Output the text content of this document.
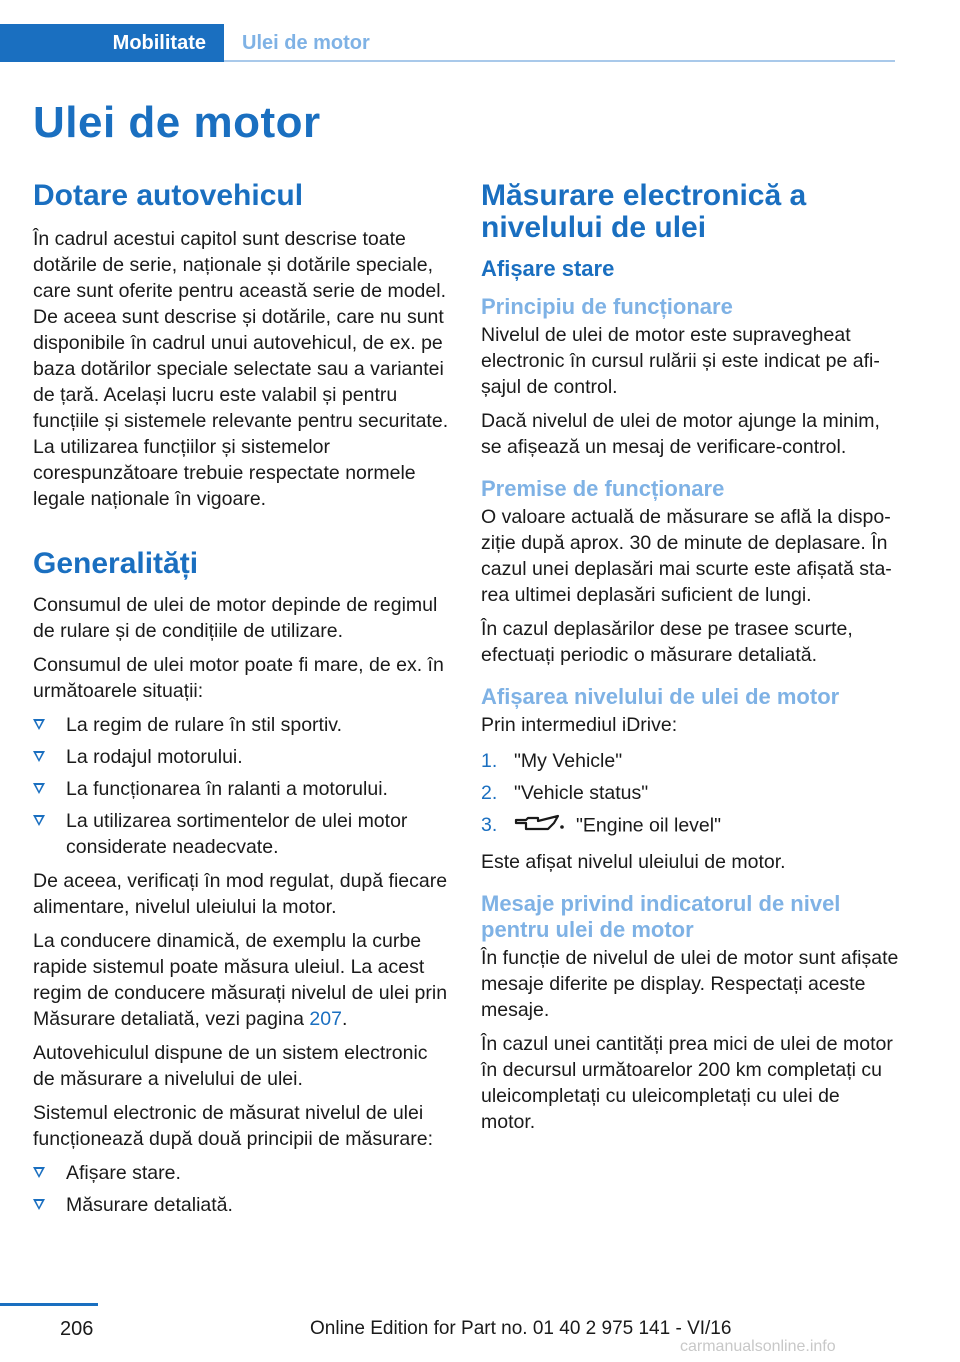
Mobilitate	Ulei de motor
Ulei de motor
Dotare autovehicul

În cadrul acestui capitol sunt descrise toate dotările de serie, naționale și dotările speciale, care sunt oferite pentru această serie de model. De aceea sunt descrise și dotările, care nu sunt disponibile în cadrul unui autovehicul, de ex. pe baza dotărilor speciale selectate sau a variantei de țară. Același lucru este valabil și pentru funcțiile și sistemele relevante pentru securitate. La utilizarea funcțiilor și sistemelor corespunzătoare trebuie respectate normele legale naționale în vigoare.

Generalități

Consumul de ulei de motor depinde de regimul de rulare și de condițiile de utilizare.

Consumul de ulei motor poate fi mare, de ex. în următoarele situații:

La regim de rulare în stil sportiv.
La rodajul motorului.
La funcționarea în ralanti a motorului.
La utilizarea sortimentelor de ulei motor considerate neadecvate.

De aceea, verificați în mod regulat, după fiecare alimentare, nivelul uleiului la motor.

La conducere dinamică, de exemplu la curbe rapide sistemul poate măsura uleiul. La acest regim de conducere măsurați nivelul de ulei prin Măsurare detaliată, vezi pagina 207.

Autovehiculul dispune de un sistem electronic de măsurare a nivelului de ulei.

Sistemul electronic de măsurat nivelul de ulei funcționează după două principii de măsurare:

Afișare stare.
Măsurare detaliată.
Măsurare electronică a nivelului de ulei
Afișare stare
Principiu de funcționare

Nivelul de ulei de motor este supravegheat electronic în cursul rulării și este indicat pe afișajul de control.

Dacă nivelul de ulei de motor ajunge la minim, se afișează un mesaj de verificare-control.

Premise de funcționare

O valoare actuală de măsurare se află la dispoziție după aprox. 30 de minute de deplasare. În cazul unei deplasări mai scurte este afișată starea ultimei deplasări suficient de lungi.

În cazul deplasărilor dese pe trasee scurte, efectuați periodic o măsurare detaliată.

Afișarea nivelului de ulei de motor

Prin intermediul iDrive:

1. "My Vehicle"
2. "Vehicle status"
3.	"Engine oil level"

Este afișat nivelul uleiului de motor.

Mesaje privind indicatorul de nivel pentru ulei de motor

În funcție de nivelul de ulei de motor sunt afișate mesaje diferite pe display. Respectați aceste mesaje.

În cazul unei cantități prea mici de ulei de motor în decursul următoarelor 200 km completați cu uleicompletați cu uleicompletați cu ulei de motor.

206	Online Edition for Part no. 01 40 2 975 141 - VI/16
carmanualsonline.info
